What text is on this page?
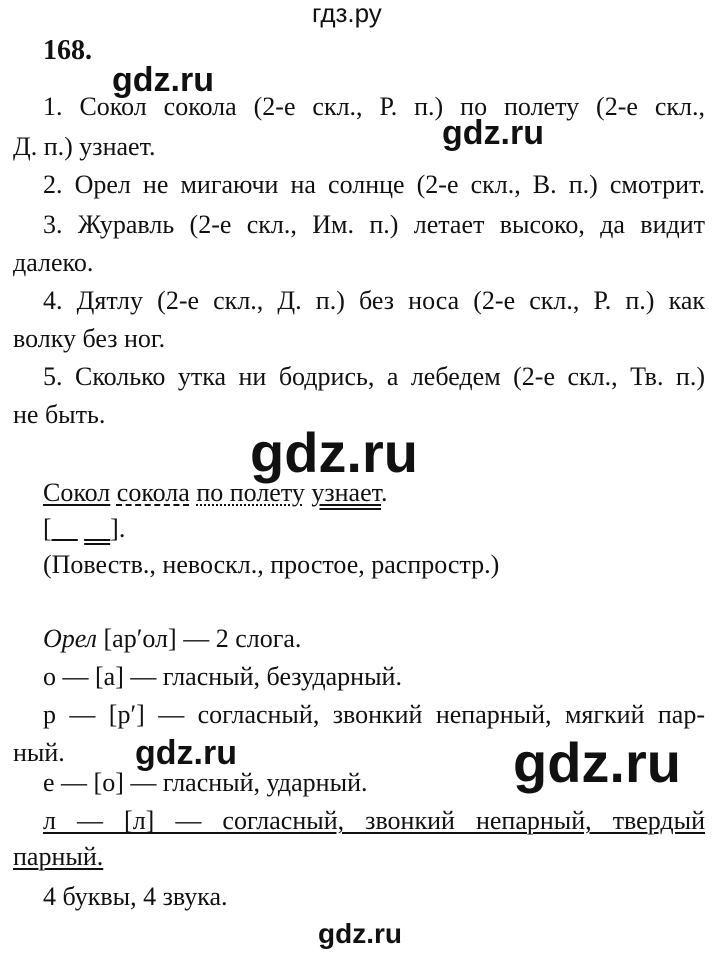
гдз.ру
168.
gdz.ru
gdz.ru
1. Сокол сокола (2-е скл., Р. п.) по полету (2-е скл.,
Д. п.) узнает.
2. Орел не мигаючи на солнце (2-е скл., В. п.) смотрит.
3. Журавль (2-е скл., Им. п.) летает высоко, да видит
далеко.
4. Дятлу (2-е скл., Д. п.) без носа (2-е скл., Р. п.) как
волку без ног.
5. Сколько утка ни бодрись, а лебедем (2-е скл., Тв. п.)
не быть.
gdz.ru
Сокол сокола по полету узнает.
[__ __].
(Повеств., невоскл., простое, распростр.)
Орел [ар′ол] — 2 слога.
о — [а] — гласный, безударный.
р — [р′] — согласный, звонкий непарный, мягкий пар-
ный. gdz.ru	gdz.ru
е — [о] — гласный, ударный.
л — [л] — согласный, звонкий непарный, твердый
парный.
4 буквы, 4 звука.
gdz.ru
